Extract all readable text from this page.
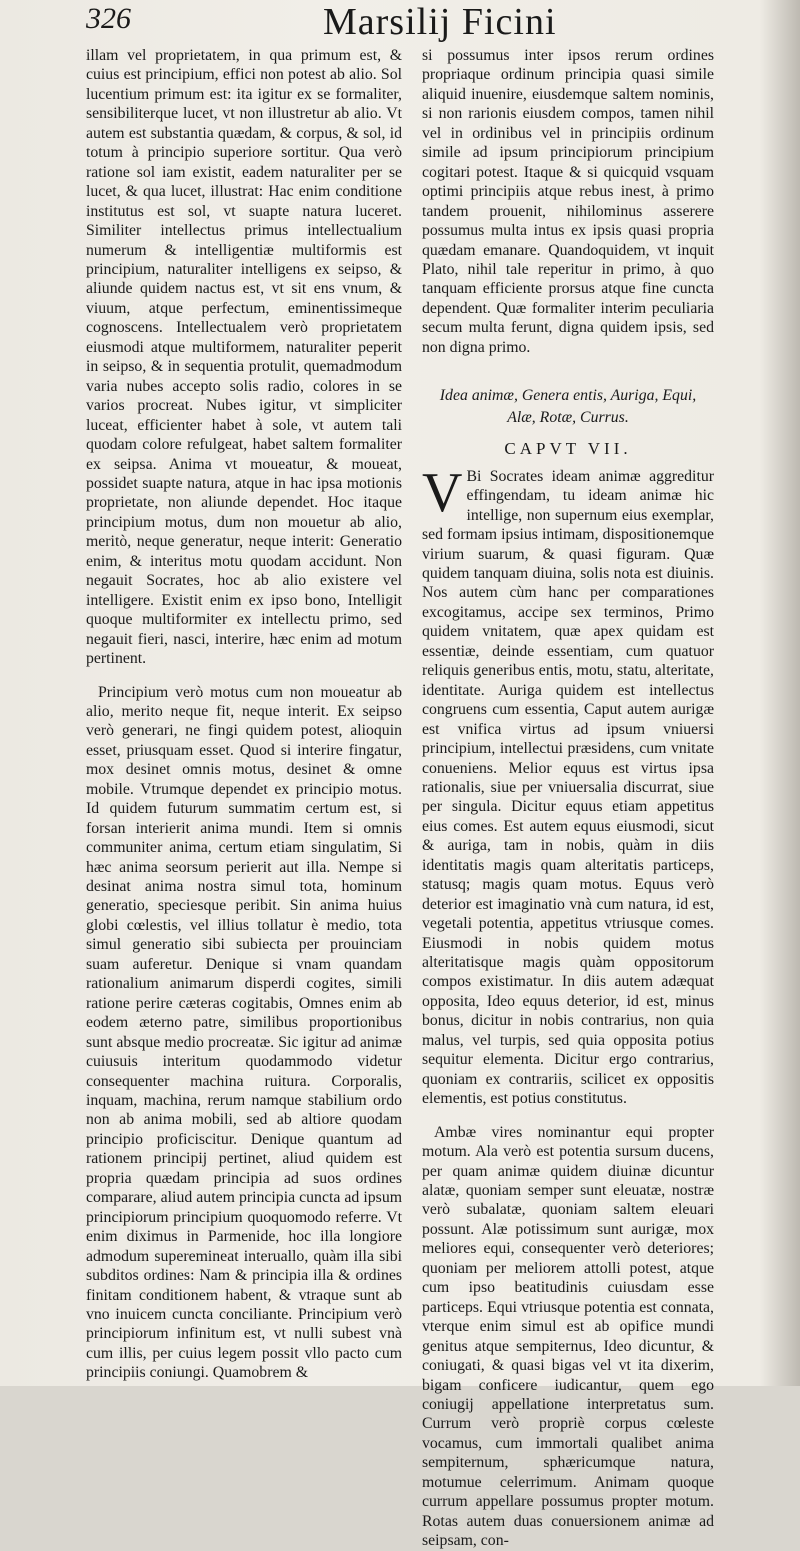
326	Marsilij Ficini

illam vel proprietatem, in qua primum est, & cuius est principium, effici non potest ab alio. Sol lucentium primum est: ita igitur ex se formaliter, sensibiliterque lucet, vt non illustretur ab alio. Vt autem est substantia quædam, & corpus, & sol, id totum à principio superiore sortitur. Qua verò ratione sol iam existit, eadem naturaliter per se lucet, & qua lucet, illustrat: Hac enim conditione institutus est sol, vt suapte natura luceret. Similiter intellectus primus intellectualium numerum & intelligentiæ multiformis est principium, naturaliter intelligens ex seipso, & aliunde quidem nactus est, vt sit ens vnum, & viuum, atque perfectum, eminentissimeque cognoscens. Intellectualem verò proprietatem eiusmodi atque multiformem, naturaliter peperit in seipso, & in sequentia protulit, quemadmodum varia nubes accepto solis radio, colores in se varios procreat. Nubes igitur, vt simpliciter luceat, efficienter habet à sole, vt autem tali quodam colore refulgeat, habet saltem formaliter ex seipsa. Anima vt moueatur, & moueat, possidet suapte natura, atque in hac ipsa motionis proprietate, non aliunde dependet. Hoc itaque principium motus, dum non mouetur ab alio, meritò, neque generatur, neque interit: Generatio enim, & interitus motu quodam accidunt. Non negauit Socrates, hoc ab alio existere vel intelligere. Existit enim ex ipso bono, Intelligit quoque multiformiter ex intellectu primo, sed negauit fieri, nasci, interire, hæc enim ad motum pertinent.

Principium verò motus cum non moueatur ab alio, merito neque fit, neque interit. Ex seipso verò generari, ne fingi quidem potest, alioquin esset, priusquam esset. Quod si interire fingatur, mox desinet omnis motus, desinet & omne mobile. Vtrumque dependet ex principio motus. Id quidem futurum summatim certum est, si forsan interierit anima mundi. Item si omnis communiter anima, certum etiam singulatim, Si hæc anima seorsum perierit aut illa. Nempe si desinat anima nostra simul tota, hominum generatio, speciesque peribit. Sin anima huius globi cœlestis, vel illius tollatur è medio, tota simul generatio sibi subiecta per prouinciam suam auferetur. Denique si vnam quandam rationalium animarum disperdi cogites, simili ratione perire cæteras cogitabis, Omnes enim ab eodem æterno patre, similibus proportionibus sunt absque medio procreatæ. Sic igitur ad animæ cuiusuis interitum quodammodo videtur consequenter machina ruitura. Corporalis, inquam, machina, rerum namque stabilium ordo non ab anima mobili, sed ab altiore quodam principio proficiscitur. Denique quantum ad rationem principij pertinet, aliud quidem est propria quædam principia ad suos ordines comparare, aliud autem principia cuncta ad ipsum principiorum principium quoquomodo referre. Vt enim diximus in Parmenide, hoc illa longiore admodum superemineat interuallo, quàm illa sibi subditos ordines: Nam & principia illa & ordines finitam conditionem habent, & vtraque sunt ab vno inuicem cuncta conciliante. Principium verò principiorum infinitum est, vt nulli subest vnà cum illis, per cuius legem possit vllo pacto cum principiis coniungi. Quamobrem &

si possumus inter ipsos rerum ordines propriaque ordinum principia quasi simile aliquid inuenire, eiusdemque saltem nominis, si non rarionis eiusdem compos, tamen nihil vel in ordinibus vel in principiis ordinum simile ad ipsum principiorum principium cogitari potest. Itaque & si quicquid vsquam optimi principiis atque rebus inest, à primo tandem prouenit, nihilominus asserere possumus multa intus ex ipsis quasi propria quædam emanare. Quandoquidem, vt inquit Plato, nihil tale reperitur in primo, à quo tanquam efficiente prorsus atque fine cuncta dependent. Quæ formaliter interim peculiaria secum multa ferunt, digna quidem ipsis, sed non digna primo.

Idea animæ, Genera entis, Auriga, Equi, Alæ, Rotæ, Currus.

CAPVT VII.
V Bi Socrates ideam animæ aggreditur effingendam, tu ideam animæ hic intellige, non supernum eius exemplar, sed formam ipsius intimam, dispositionemque virium suarum, & quasi figuram. Quæ quidem tanquam diuina, solis nota est diuinis. Nos autem cùm hanc per comparationes excogitamus, accipe sex terminos, Primo quidem vnitatem, quæ apex quidam est essentiæ, deinde essentiam, cum quatuor reliquis generibus entis, motu, statu, alteritate, identitate. Auriga quidem est intellectus congruens cum essentia, Caput autem aurigæ est vnifica virtus ad ipsum vniuersi principium, intellectui præsidens, cum vnitate conueniens. Melior equus est virtus ipsa rationalis, siue per vniuersalia discurrat, siue per singula. Dicitur equus etiam appetitus eius comes. Est autem equus eiusmodi, sicut & auriga, tam in nobis, quàm in diis identitatis magis quam alteritatis particeps, statusq; magis quam motus. Equus verò deterior est imaginatio vnà cum natura, id est, vegetali potentia, appetitus vtriusque comes. Eiusmodi in nobis quidem motus alteritatisque magis quàm oppositorum compos existimatur. In diis autem adæquat opposita, Ideo equus deterior, id est, minus bonus, dicitur in nobis contrarius, non quia malus, vel turpis, sed quia opposita potius sequitur elementa. Dicitur ergo contrarius, quoniam ex contrariis, scilicet ex oppositis elementis, est potius constitutus.

Ambæ vires nominantur equi propter motum. Ala verò est potentia sursum ducens, per quam animæ quidem diuinæ dicuntur alatæ, quoniam semper sunt eleuatæ, nostræ verò subalatæ, quoniam saltem eleuari possunt. Alæ potissimum sunt aurigæ, mox meliores equi, consequenter verò deteriores; quoniam per meliorem attolli potest, atque cum ipso beatitudinis cuiusdam esse particeps. Equi vtriusque potentia est connata, vterque enim simul est ab opifice mundi genitus atque sempiternus, Ideo dicuntur, & coniugati, & quasi bigas vel vt ita dixerim, bigam conficere iudicantur, quem ego coniugij appellatione interpretatus sum. Currum verò propriè corpus cœleste vocamus, cum immortali qualibet anima sempiternum, sphæricumque natura, motumue celerrimum. Animam quoque currum appellare possumus propter motum. Rotas autem duas conuersionem animæ ad seipsam, con-
